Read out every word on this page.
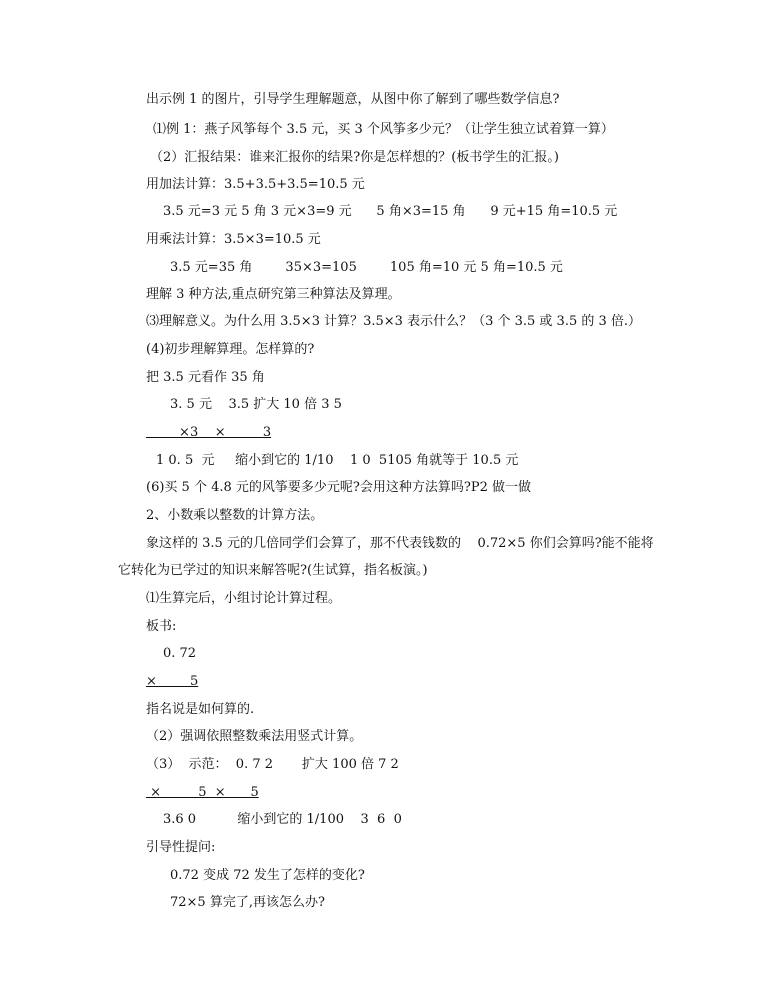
出示例 1 的图片，引导学生理解题意，从图中你了解到了哪些数学信息?

⑴例 1：燕子风筝每个 3.5 元，买 3 个风筝多少元？（让学生独立试着算一算）

（2）汇报结果：谁来汇报你的结果?你是怎样想的？(板书学生的汇报。)

用加法计算：3.5+3.5+3.5=10.5 元

3.5 元=3 元 5 角 3 元×3=9 元      5 角×3=15 角      9 元+15 角=10.5 元

用乘法计算：3.5×3=10.5 元

3.5 元=35 角        35×3=105        105 角=10 元 5 角=10.5 元

理解 3 种方法,重点研究第三种算法及算理。

⑶理解意义。为什么用 3.5×3 计算？3.5×3 表示什么？（3 个 3.5 或 3.5 的 3 倍.）

(4)初步理解算理。怎样算的?

把 3.5 元看作 35 角

3. 5 元    3.5 扩大 10 倍 3 5

×3    ×         3

1 0. 5  元     缩小到它的 1/10    1 0  5105 角就等于 10.5 元

(6)买 5 个 4.8 元的风筝要多少元呢?会用这种方法算吗?P2 做一做

2、小数乘以整数的计算方法。

象这样的 3.5 元的几倍同学们会算了，那不代表钱数的    0.72×5 你们会算吗?能不能将

它转化为已学过的知识来解答呢?(生试算，指名板演。)

⑴生算完后，小组讨论计算过程。

板书:

0. 72

×        5

指名说是如何算的.

（2）强调依照整数乘法用竖式计算。

（3）  示范：  0. 7 2       扩大 100 倍 7 2

×         5  ×      5

3.6 0          缩小到它的 1/100    3  6  0

引导性提问:

0.72 变成 72 发生了怎样的变化?

72×5 算完了,再该怎么办?
